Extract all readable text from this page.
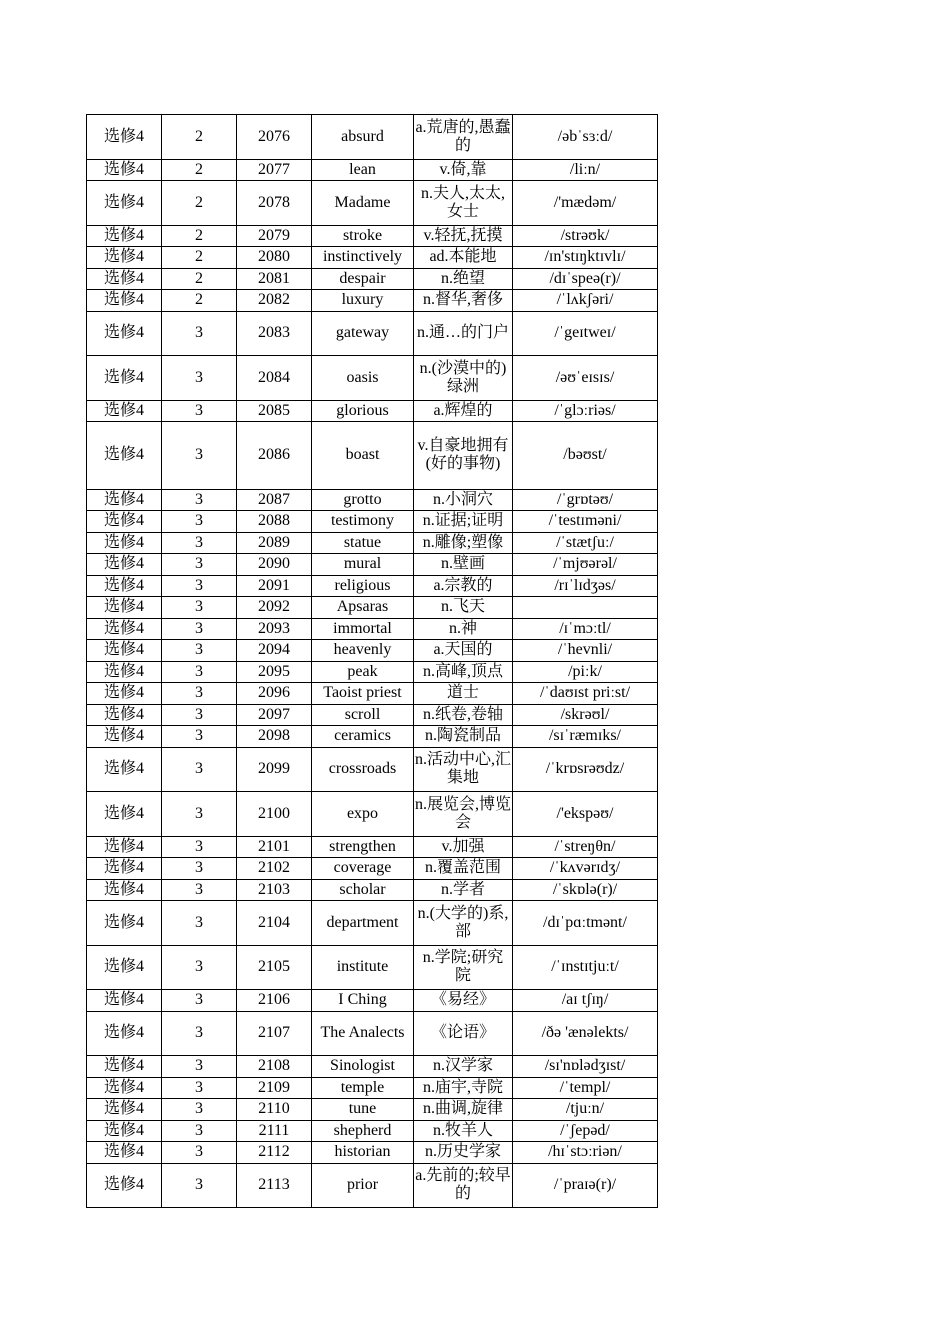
选修4	2	2076	absurd	a.荒唐的,愚蠢的	/əbˈsɜːd/
选修4	2	2077	lean	v.倚,靠	/liːn/
选修4	2	2078	Madame	n.夫人,太太,女士	/'mædəm/
选修4	2	2079	stroke	v.轻抚,抚摸	/strəʊk/
选修4	2	2080	instinctively	ad.本能地	/ɪn'stɪŋktɪvlɪ/
选修4	2	2081	despair	n.绝望	/dɪˈspeə(r)/
选修4	2	2082	luxury	n.督华,奢侈	/ˈlʌkʃəri/
选修4	3	2083	gateway	n.通…的门户	/ˈgeɪtweɪ/
选修4	3	2084	oasis	n.(沙漠中的)绿洲	/əʊˈeɪsɪs/
选修4	3	2085	glorious	a.辉煌的	/ˈglɔːriəs/
选修4	3	2086	boast	v.自豪地拥有(好的事物)	/bəʊst/
选修4	3	2087	grotto	n.小洞穴	/ˈgrɒtəʊ/
选修4	3	2088	testimony	n.证据;证明	/ˈtestɪməni/
选修4	3	2089	statue	n.雕像;塑像	/ˈstætʃuː/
选修4	3	2090	mural	n.壁画	/ˈmjʊərəl/
选修4	3	2091	religious	a.宗教的	/rɪˈlɪdʒəs/
选修4	3	2092	Apsaras	n.飞天	
选修4	3	2093	immortal	n.神	/ɪˈmɔːtl/
选修4	3	2094	heavenly	a.天国的	/ˈhevnli/
选修4	3	2095	peak	n.高峰,顶点	/piːk/
选修4	3	2096	Taoist priest	道士	/ˈdaʊɪst priːst/
选修4	3	2097	scroll	n.纸卷,卷轴	/skrəʊl/
选修4	3	2098	ceramics	n.陶瓷制品	/sɪˈræmɪks/
选修4	3	2099	crossroads	n.活动中心,汇集地	/ˈkrɒsrəʊdz/
选修4	3	2100	expo	n.展览会,博览会	/'ekspəʊ/
选修4	3	2101	strengthen	v.加强	/ˈstreŋθn/
选修4	3	2102	coverage	n.覆盖范围	/ˈkʌvərɪdʒ/
选修4	3	2103	scholar	n.学者	/ˈskɒlə(r)/
选修4	3	2104	department	n.(大学的)系,部	/dɪˈpɑːtmənt/
选修4	3	2105	institute	n.学院;研究院	/ˈɪnstɪtjuːt/
选修4	3	2106	I Ching	《易经》	/aɪ tʃɪŋ/
选修4	3	2107	The Analects	《论语》	/ðə 'ænəlekts/
选修4	3	2108	Sinologist	n.汉学家	/sɪ'nɒlədʒɪst/
选修4	3	2109	temple	n.庙宇,寺院	/ˈtempl/
选修4	3	2110	tune	n.曲调,旋律	/tjuːn/
选修4	3	2111	shepherd	n.牧羊人	/ˈʃepəd/
选修4	3	2112	historian	n.历史学家	/hɪˈstɔːriən/
选修4	3	2113	prior	a.先前的;较早的	/ˈpraɪə(r)/
